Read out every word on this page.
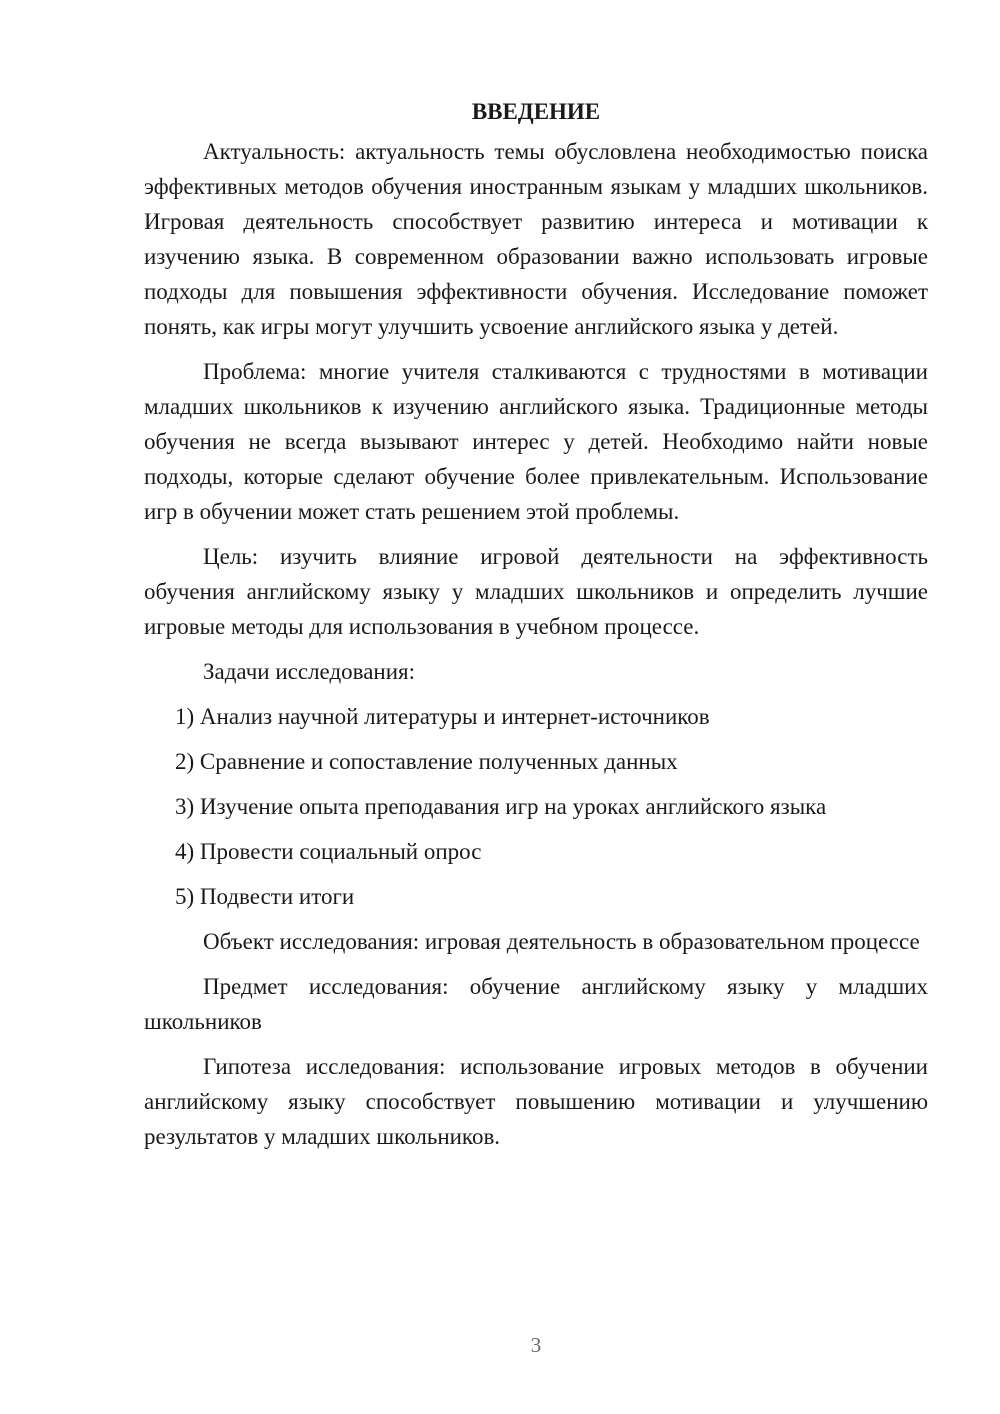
ВВЕДЕНИЕ

Актуальность: актуальность темы обусловлена необходимостью поиска эффективных методов обучения иностранным языкам у младших школьников. Игровая деятельность способствует развитию интереса и мотивации к изучению языка. В современном образовании важно использовать игровые подходы для повышения эффективности обучения. Исследование поможет понять, как игры могут улучшить усвоение английского языка у детей.

Проблема: многие учителя сталкиваются с трудностями в мотивации младших школьников к изучению английского языка. Традиционные методы обучения не всегда вызывают интерес у детей. Необходимо найти новые подходы, которые сделают обучение более привлекательным. Использование игр в обучении может стать решением этой проблемы.

Цель: изучить влияние игровой деятельности на эффективность обучения английскому языку у младших школьников и определить лучшие игровые методы для использования в учебном процессе.

Задачи исследования:

1) Анализ научной литературы и интернет-источников
2) Сравнение и сопоставление полученных данных
3) Изучение опыта преподавания игр на уроках английского языка
4) Провести социальный опрос
5) Подвести итоги

Объект исследования: игровая деятельность в образовательном процессе

Предмет исследования: обучение английскому языку у младших школьников

Гипотеза исследования: использование игровых методов в обучении английскому языку способствует повышению мотивации и улучшению результатов у младших школьников.

3
